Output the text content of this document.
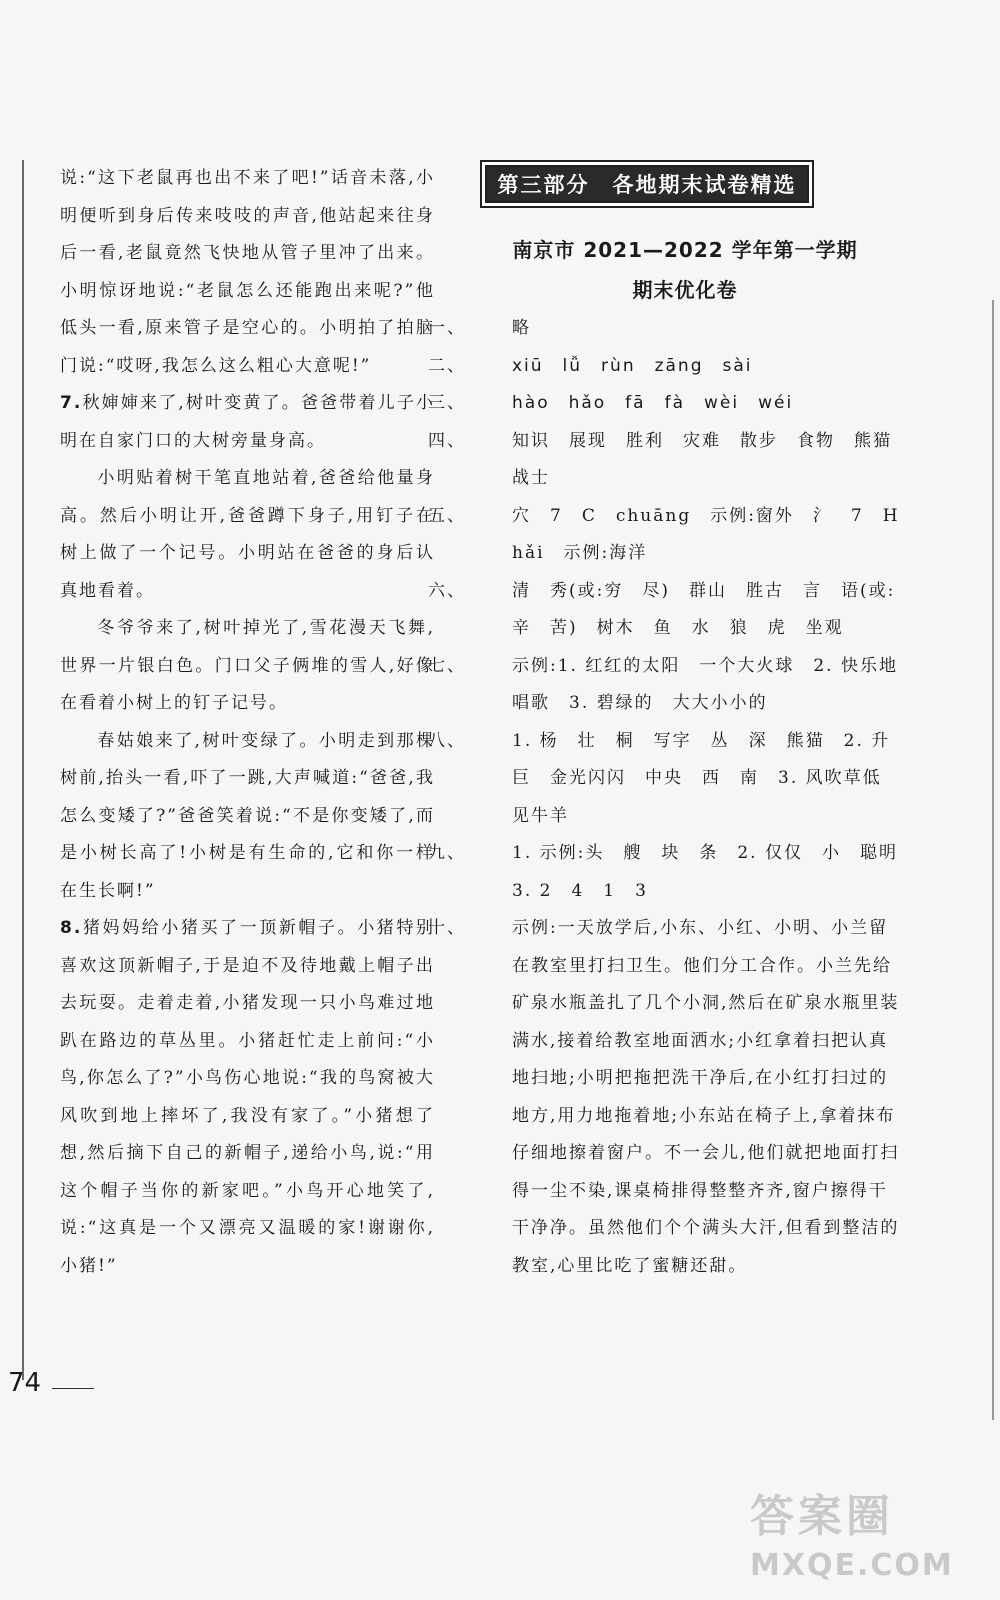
说:“这下老鼠再也出不来了吧!”话音未落,小明便听到身后传来吱吱的声音,他站起来往身后一看,老鼠竟然飞快地从管子里冲了出来。小明惊讶地说:“老鼠怎么还能跑出来呢?”他低头一看,原来管子是空心的。小明拍了拍脑门说:“哎呀,我怎么这么粗心大意呢!”

7.秋婶婶来了,树叶变黄了。爸爸带着儿子小明在自家门口的大树旁量身高。

小明贴着树干笔直地站着,爸爸给他量身高。然后小明让开,爸爸蹲下身子,用钉子在树上做了一个记号。小明站在爸爸的身后认真地看着。

冬爷爷来了,树叶掉光了,雪花漫天飞舞,世界一片银白色。门口父子俩堆的雪人,好像在看着小树上的钉子记号。

春姑娘来了,树叶变绿了。小明走到那棵树前,抬头一看,吓了一跳,大声喊道:“爸爸,我怎么变矮了?”爸爸笑着说:“不是你变矮了,而是小树长高了!小树是有生命的,它和你一样在生长啊!”

8.猪妈妈给小猪买了一顶新帽子。小猪特别喜欢这顶新帽子,于是迫不及待地戴上帽子出去玩耍。走着走着,小猪发现一只小鸟难过地趴在路边的草丛里。小猪赶忙走上前问:“小鸟,你怎么了?”小鸟伤心地说:“我的鸟窝被大风吹到地上摔坏了,我没有家了。”小猪想了想,然后摘下自己的新帽子,递给小鸟,说:“用这个帽子当你的新家吧。”小鸟开心地笑了,说:“这真是一个又漂亮又温暖的家!谢谢你,小猪!”

第三部分　各地期末试卷精选

南京市 2021—2022 学年第一学期

期末优化卷

一、	略

二、	xiū　lǚ　rùn　zāng　sài

三、	hào　hǎo　fā　fà　wèi　wéi

四、	知识　展现　胜利　灾难　散步　食物　熊猫　战士

五、	穴　7　C　chuāng　示例:窗外　氵　7　H　hǎi　示例:海洋

六、	清　秀(或:穷　尽)　群山　胜古　言　语(或:辛　苦)　树木　鱼　水　狼　虎　坐观

七、	示例:1. 红红的太阳　一个大火球　2. 快乐地唱歌　3. 碧绿的　大大小小的

八、	1. 杨　壮　桐　写字　丛　深　熊猫　2. 升巨　金光闪闪　中央　西　南　3. 风吹草低见牛羊

九、	1. 示例:头　艘　块　条　2. 仅仅　小　聪明　3. 2　4　1　3

十、	示例:一天放学后,小东、小红、小明、小兰留在教室里打扫卫生。他们分工合作。小兰先给矿泉水瓶盖扎了几个小洞,然后在矿泉水瓶里装满水,接着给教室地面洒水;小红拿着扫把认真地扫地;小明把拖把洗干净后,在小红打扫过的地方,用力地拖着地;小东站在椅子上,拿着抹布仔细地擦着窗户。不一会儿,他们就把地面打扫得一尘不染,课桌椅排得整整齐齐,窗户擦得干干净净。虽然他们个个满头大汗,但看到整洁的教室,心里比吃了蜜糖还甜。

74
答案圈
MXQE.COM
